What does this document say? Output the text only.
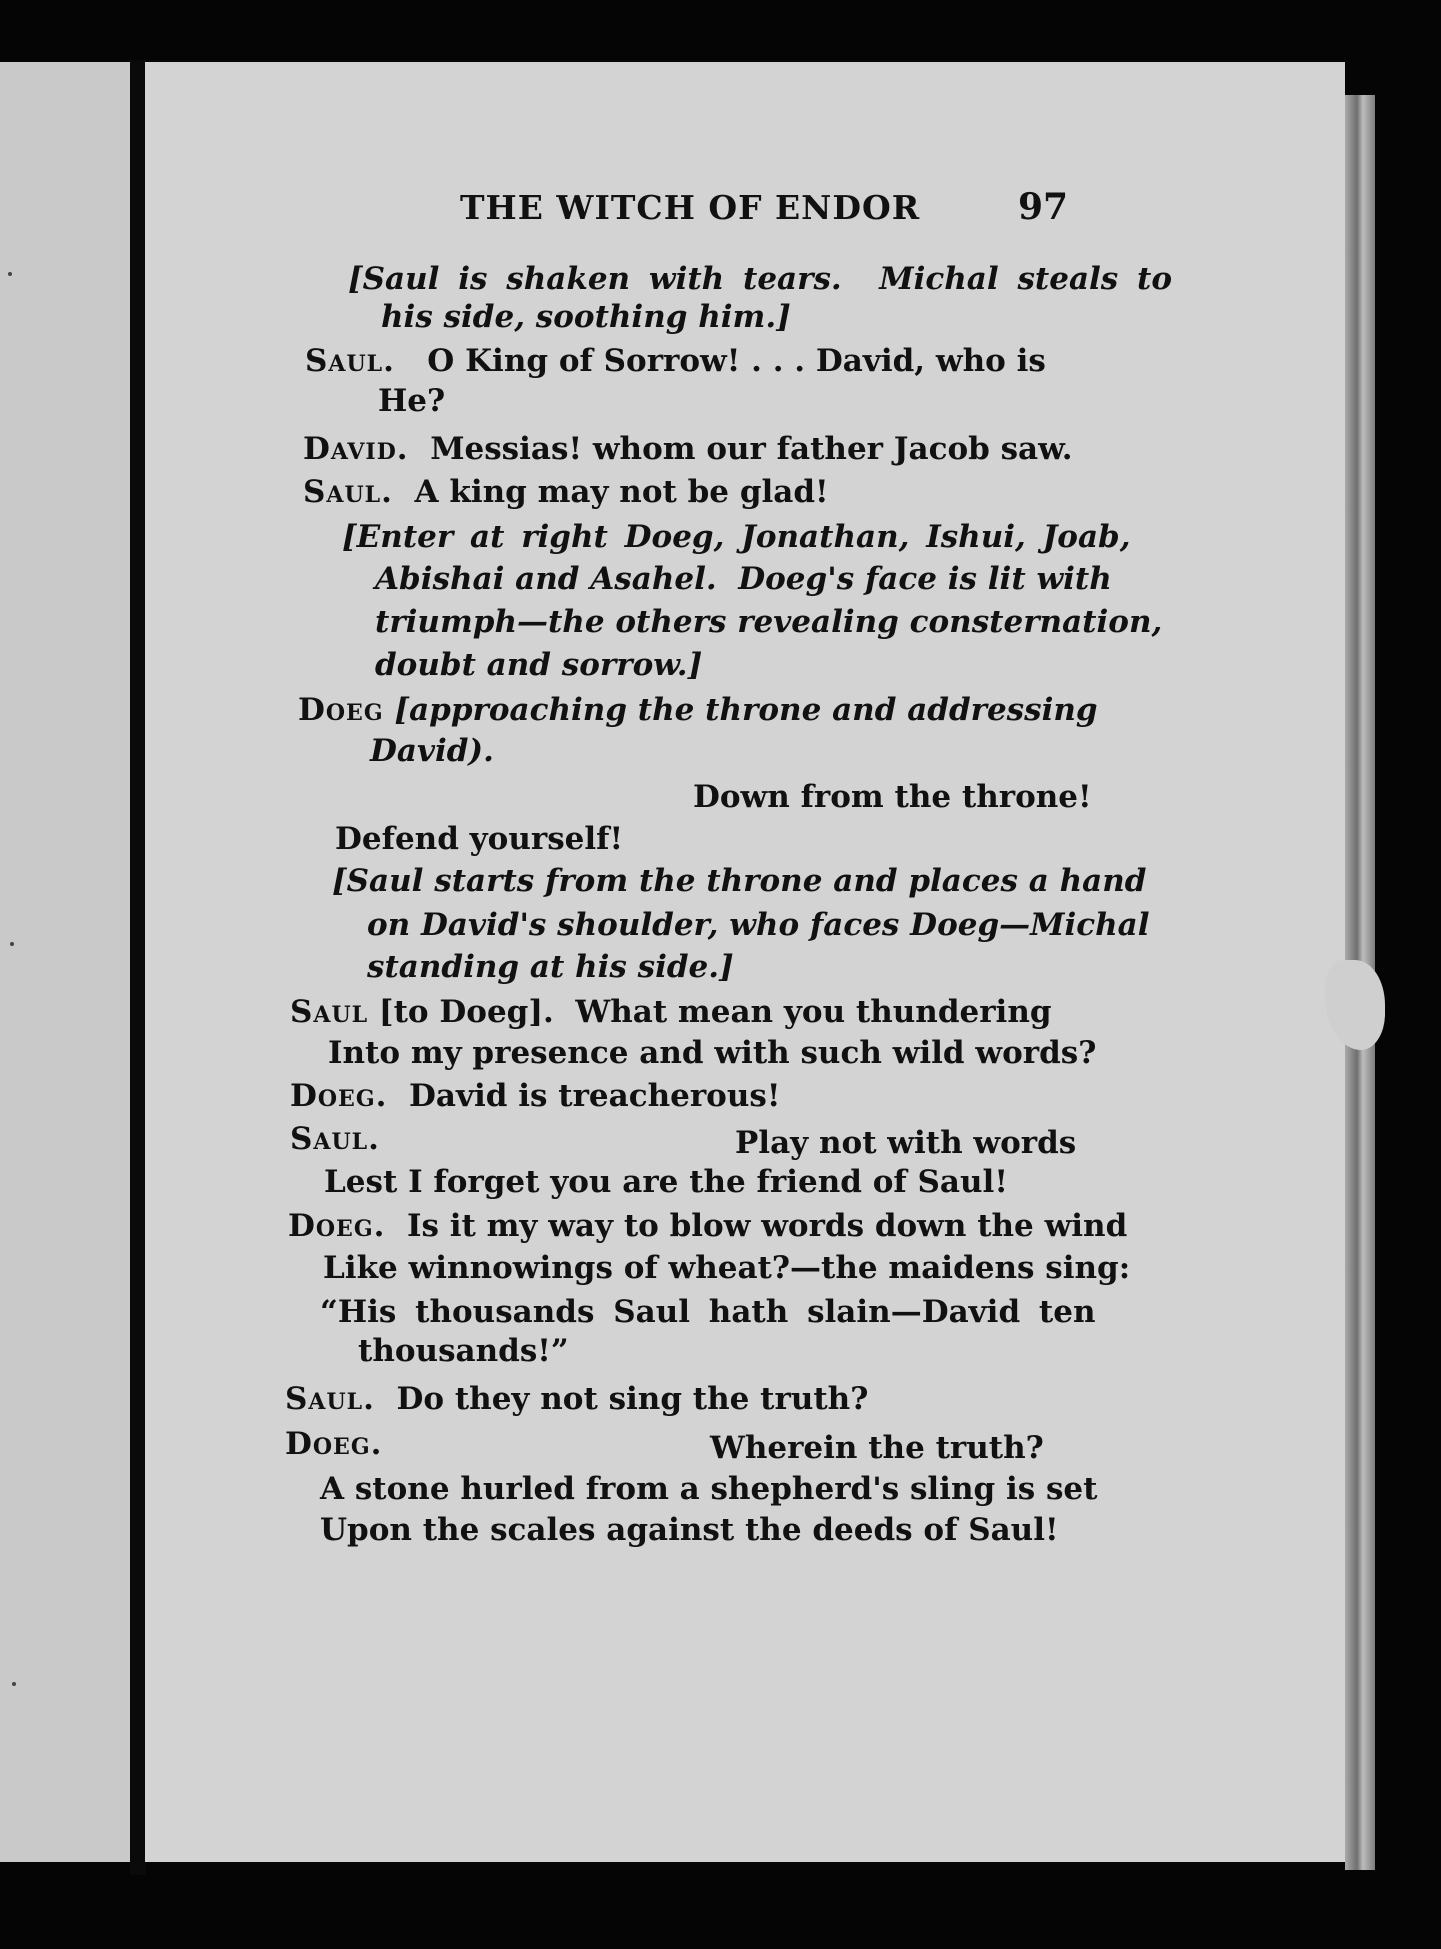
THE WITCH OF ENDOR	97
[Saul is shaken with tears.  Michal steals to
his side, soothing him.]
Saul. O King of Sorrow! . . . David, who is
He?
David. Messias! whom our father Jacob saw.
Saul. A king may not be glad!
[Enter at right Doeg, Jonathan, Ishui, Joab,
Abishai and Asahel.  Doeg's face is lit with
triumph—the others revealing consternation,
doubt and sorrow.]
Doeg [approaching the throne and addressing
David).
Down from the throne!
Defend yourself!
[Saul starts from the throne and places a hand
on David's shoulder, who faces Doeg—Michal
standing at his side.]
Saul [to Doeg].  What mean you thundering
Into my presence and with such wild words?
Doeg. David is treacherous!
Saul.	Play not with words
Lest I forget you are the friend of Saul!
Doeg. Is it my way to blow words down the wind
Like winnowings of wheat?—the maidens sing:
“His thousands Saul hath slain—David ten
thousands!”
Saul. Do they not sing the truth?
Doeg.	Wherein the truth?
A stone hurled from a shepherd's sling is set
Upon the scales against the deeds of Saul!
